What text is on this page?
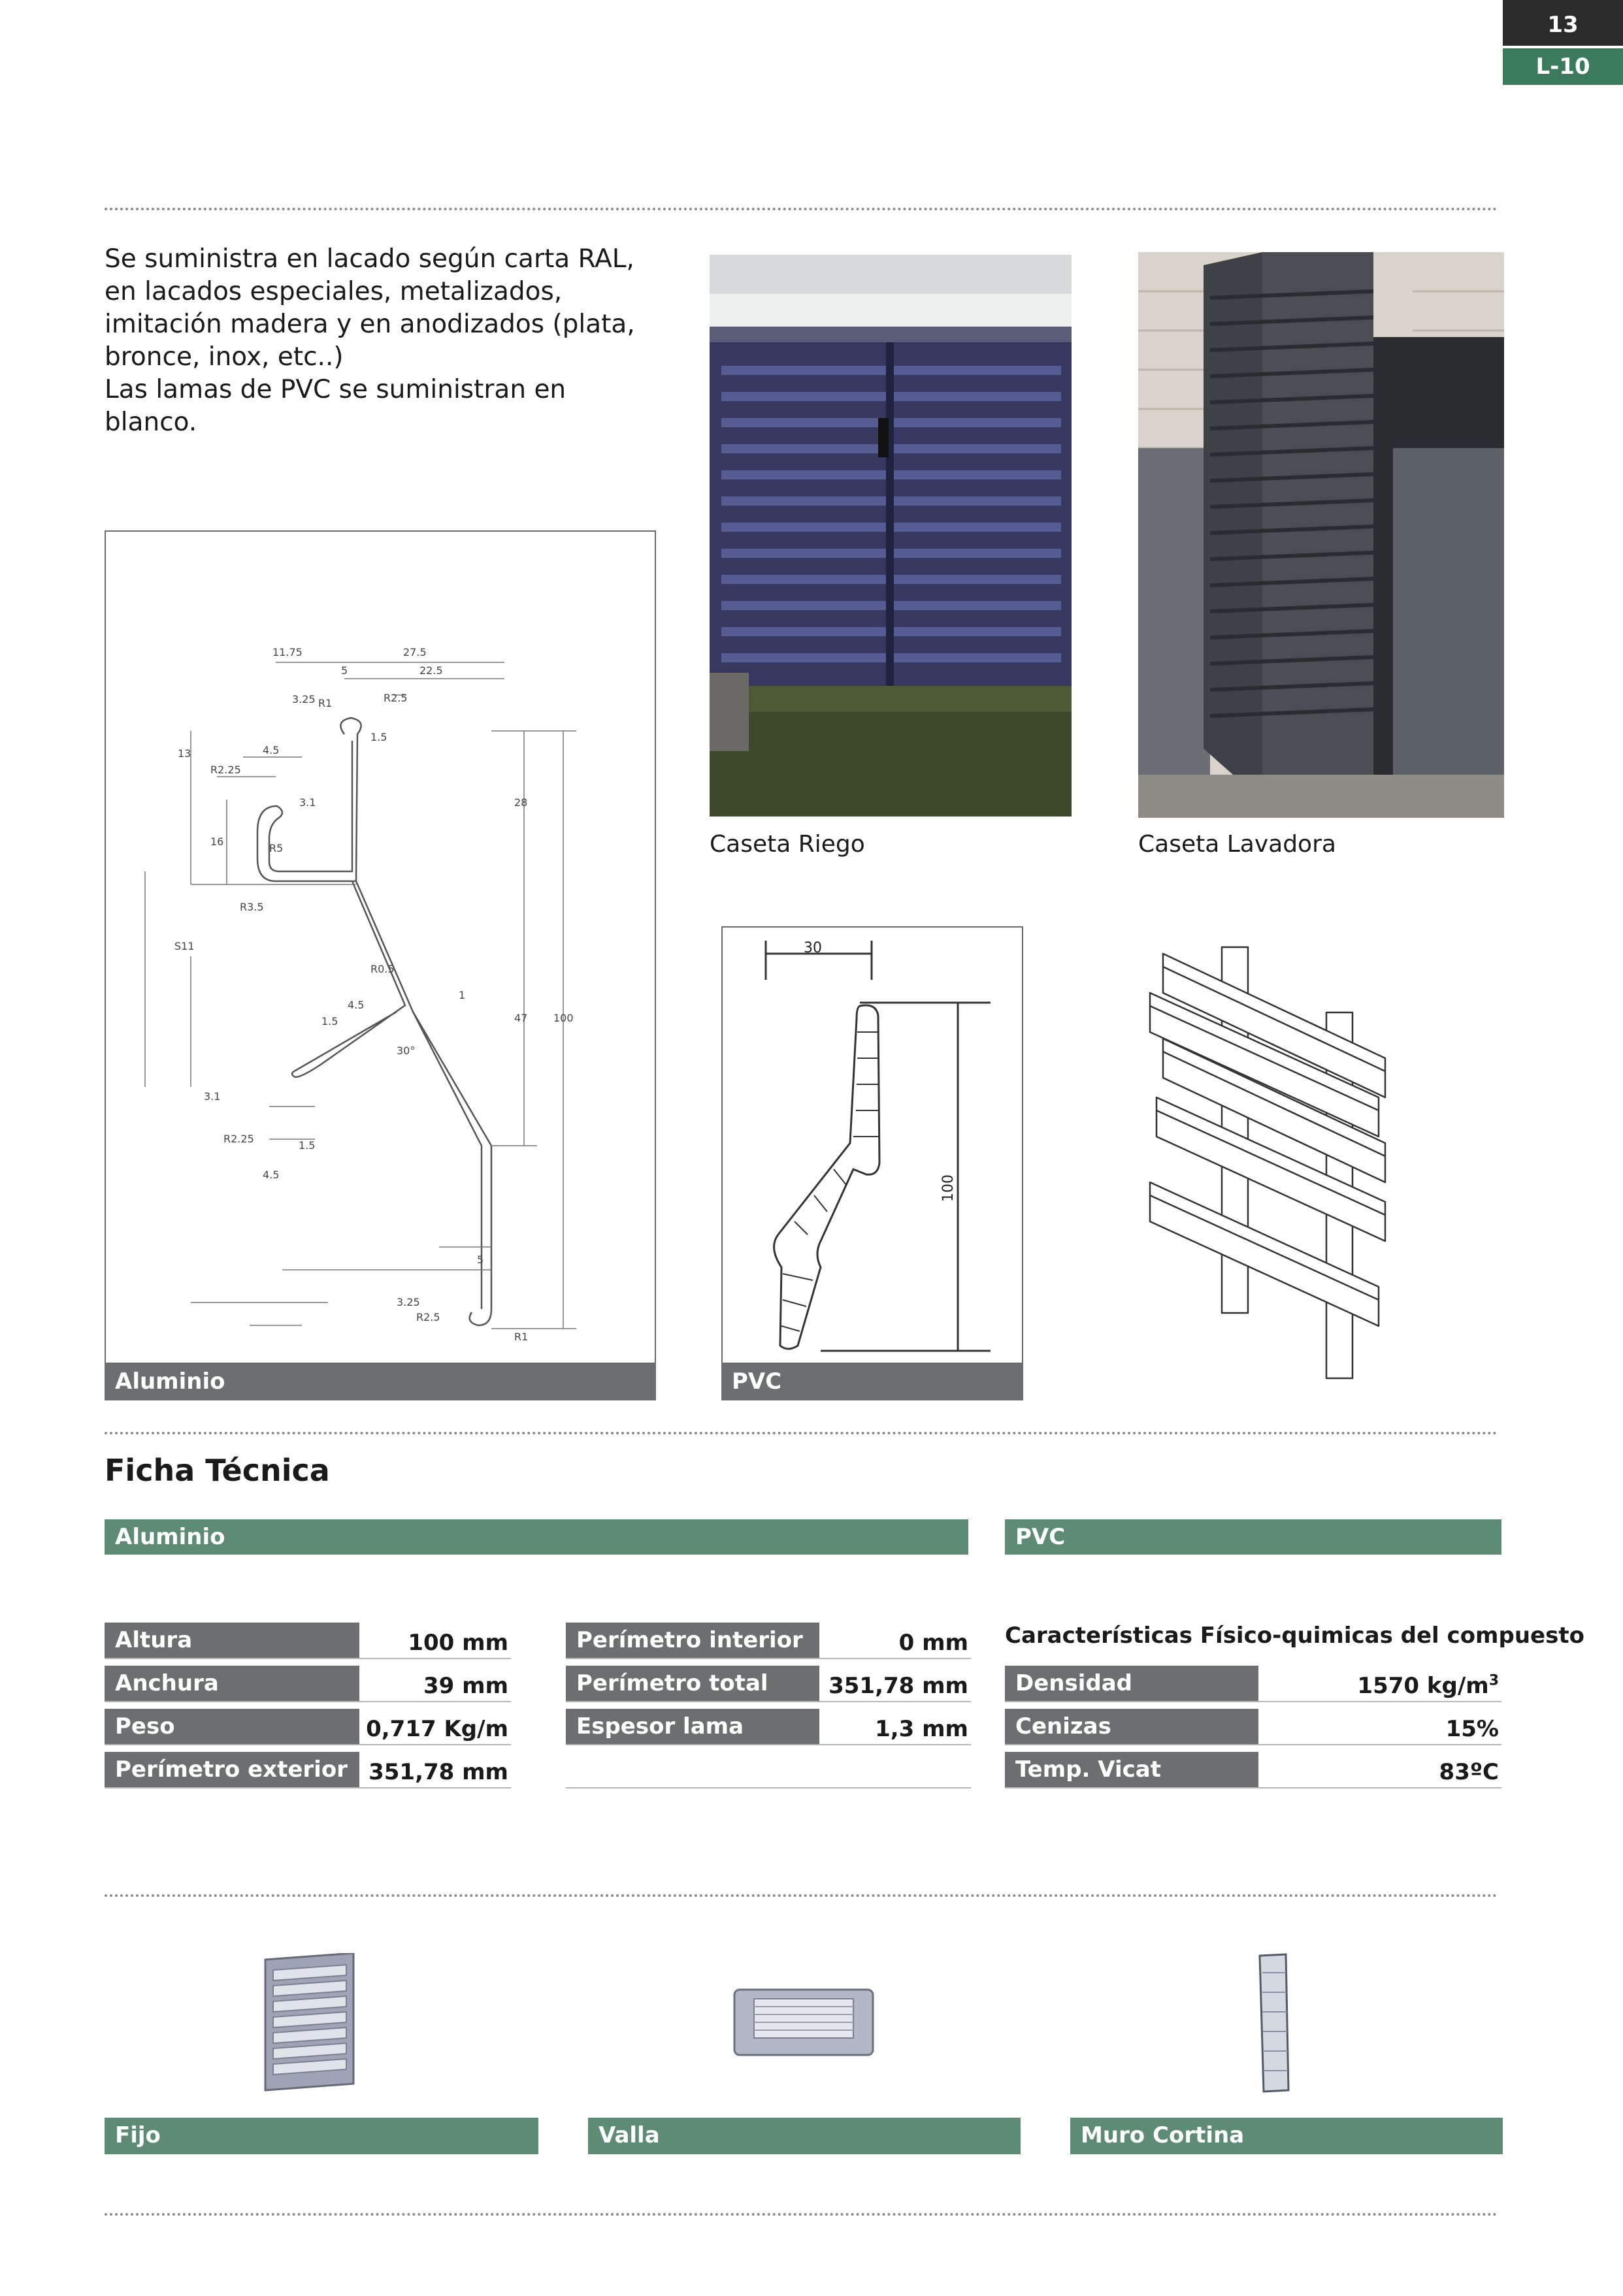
13
L-10
Se suministra en lacado según carta RAL,
en lacados especiales, metalizados,
imitación madera y en anodizados (plata,
bronce, inox, etc..)
Las lamas de PVC se suministran en
blanco.
Caseta Riego	Caseta Lavadora
11.75	27.5
5	22.5
3.25 R1	R2.5
1.5
13	4.5
R2.25
3.1
16
R5
R3.5
28
S11
R0.5
4.5
1.5
1
30°
47 100
3.1
R2.25
1.5
4.5
5
3.25
R2.5
R1
Aluminio
30
100
PVC
Ficha Técnica
Aluminio	PVC
Altura	100 mm
Anchura	39 mm
Peso	0,717 Kg/m
Perímetro exterior 351,78 mm
Perímetro interior	0 mm
Perímetro total	351,78 mm
Espesor lama	1,3 mm
Características Físico-quimicas del compuesto
Densidad	1570 $kg/m^3$
Cenizas	15%
Temp. Vicat	83ºC
Fijo	Valla	Muro Cortina
